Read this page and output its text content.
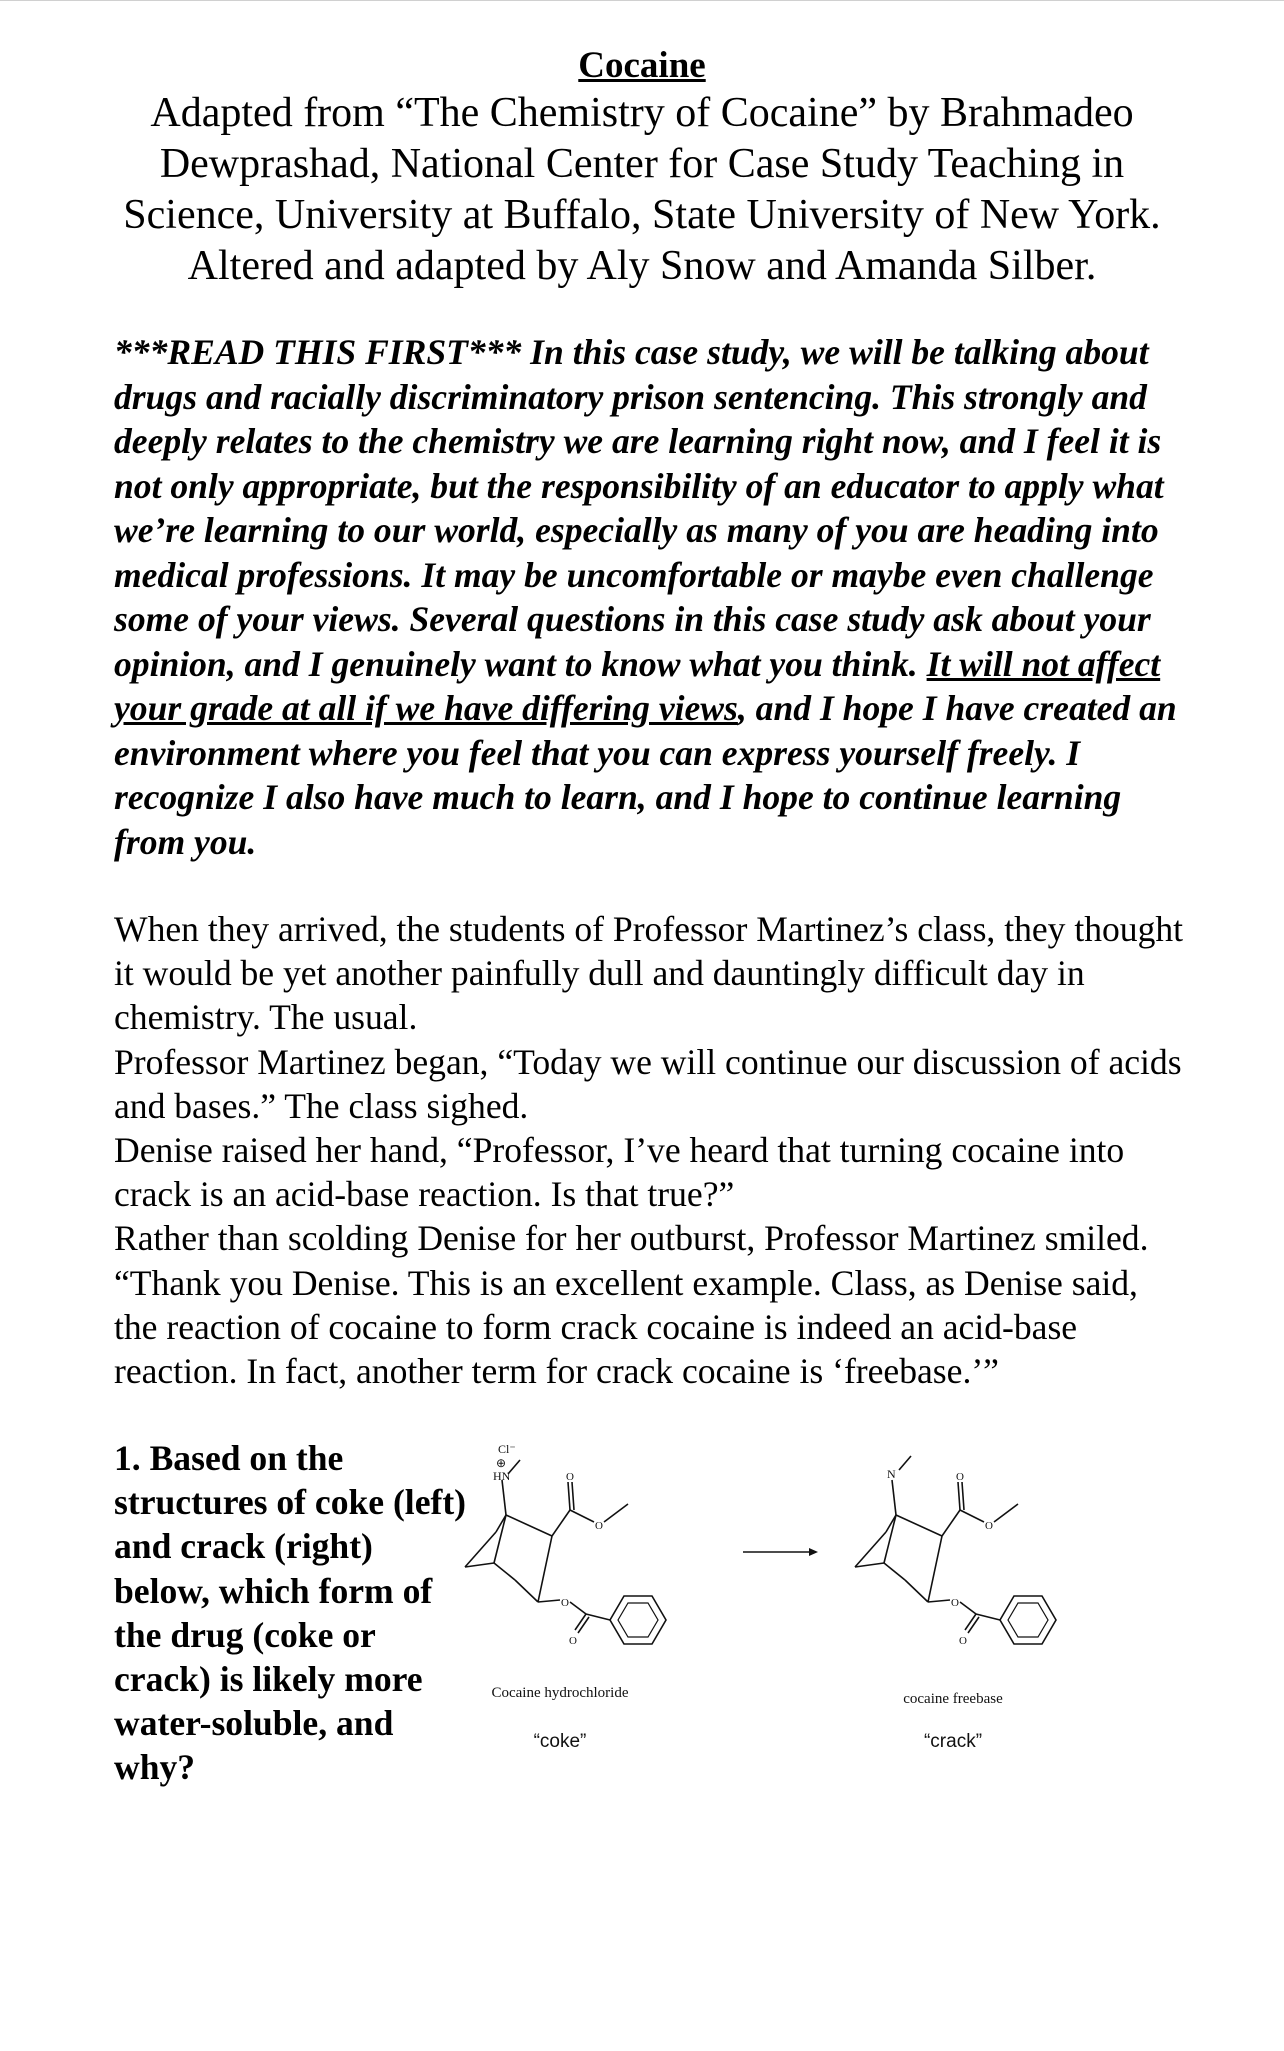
Cocaine
Adapted from “The Chemistry of Cocaine” by Brahmadeo Dewprashad, National Center for Case Study Teaching in Science, University at Buffalo, State University of New York. Altered and adapted by Aly Snow and Amanda Silber.
***READ THIS FIRST*** In this case study, we will be talking about drugs and racially discriminatory prison sentencing. This strongly and deeply relates to the chemistry we are learning right now, and I feel it is not only appropriate, but the responsibility of an educator to apply what we’re learning to our world, especially as many of you are heading into medical professions. It may be uncomfortable or maybe even challenge some of your views. Several questions in this case study ask about your opinion, and I genuinely want to know what you think. It will not affect your grade at all if we have differing views, and I hope I have created an environment where you feel that you can express yourself freely. I recognize I also have much to learn, and I hope to continue learning from you.

When they arrived, the students of Professor Martinez’s class, they thought it would be yet another painfully dull and dauntingly difficult day in chemistry. The usual.

Professor Martinez began, “Today we will continue our discussion of acids and bases.” The class sighed.

Denise raised her hand, “Professor, I’ve heard that turning cocaine into crack is an acid-base reaction. Is that true?”

Rather than scolding Denise for her outburst, Professor Martinez smiled. “Thank you Denise. This is an excellent example. Class, as Denise said, the reaction of cocaine to form crack cocaine is indeed an acid-base reaction. In fact, another term for crack cocaine is ‘freebase.’”

1. Based on the structures of coke (left) and crack (right) below, which form of the drug (coke or crack) is likely more water-soluble, and why?
Cl⁻
⊕
HN	O
O
O
O
Cocaine hydrochloride
“coke”
N	O
O
O
O
cocaine freebase
“crack”
